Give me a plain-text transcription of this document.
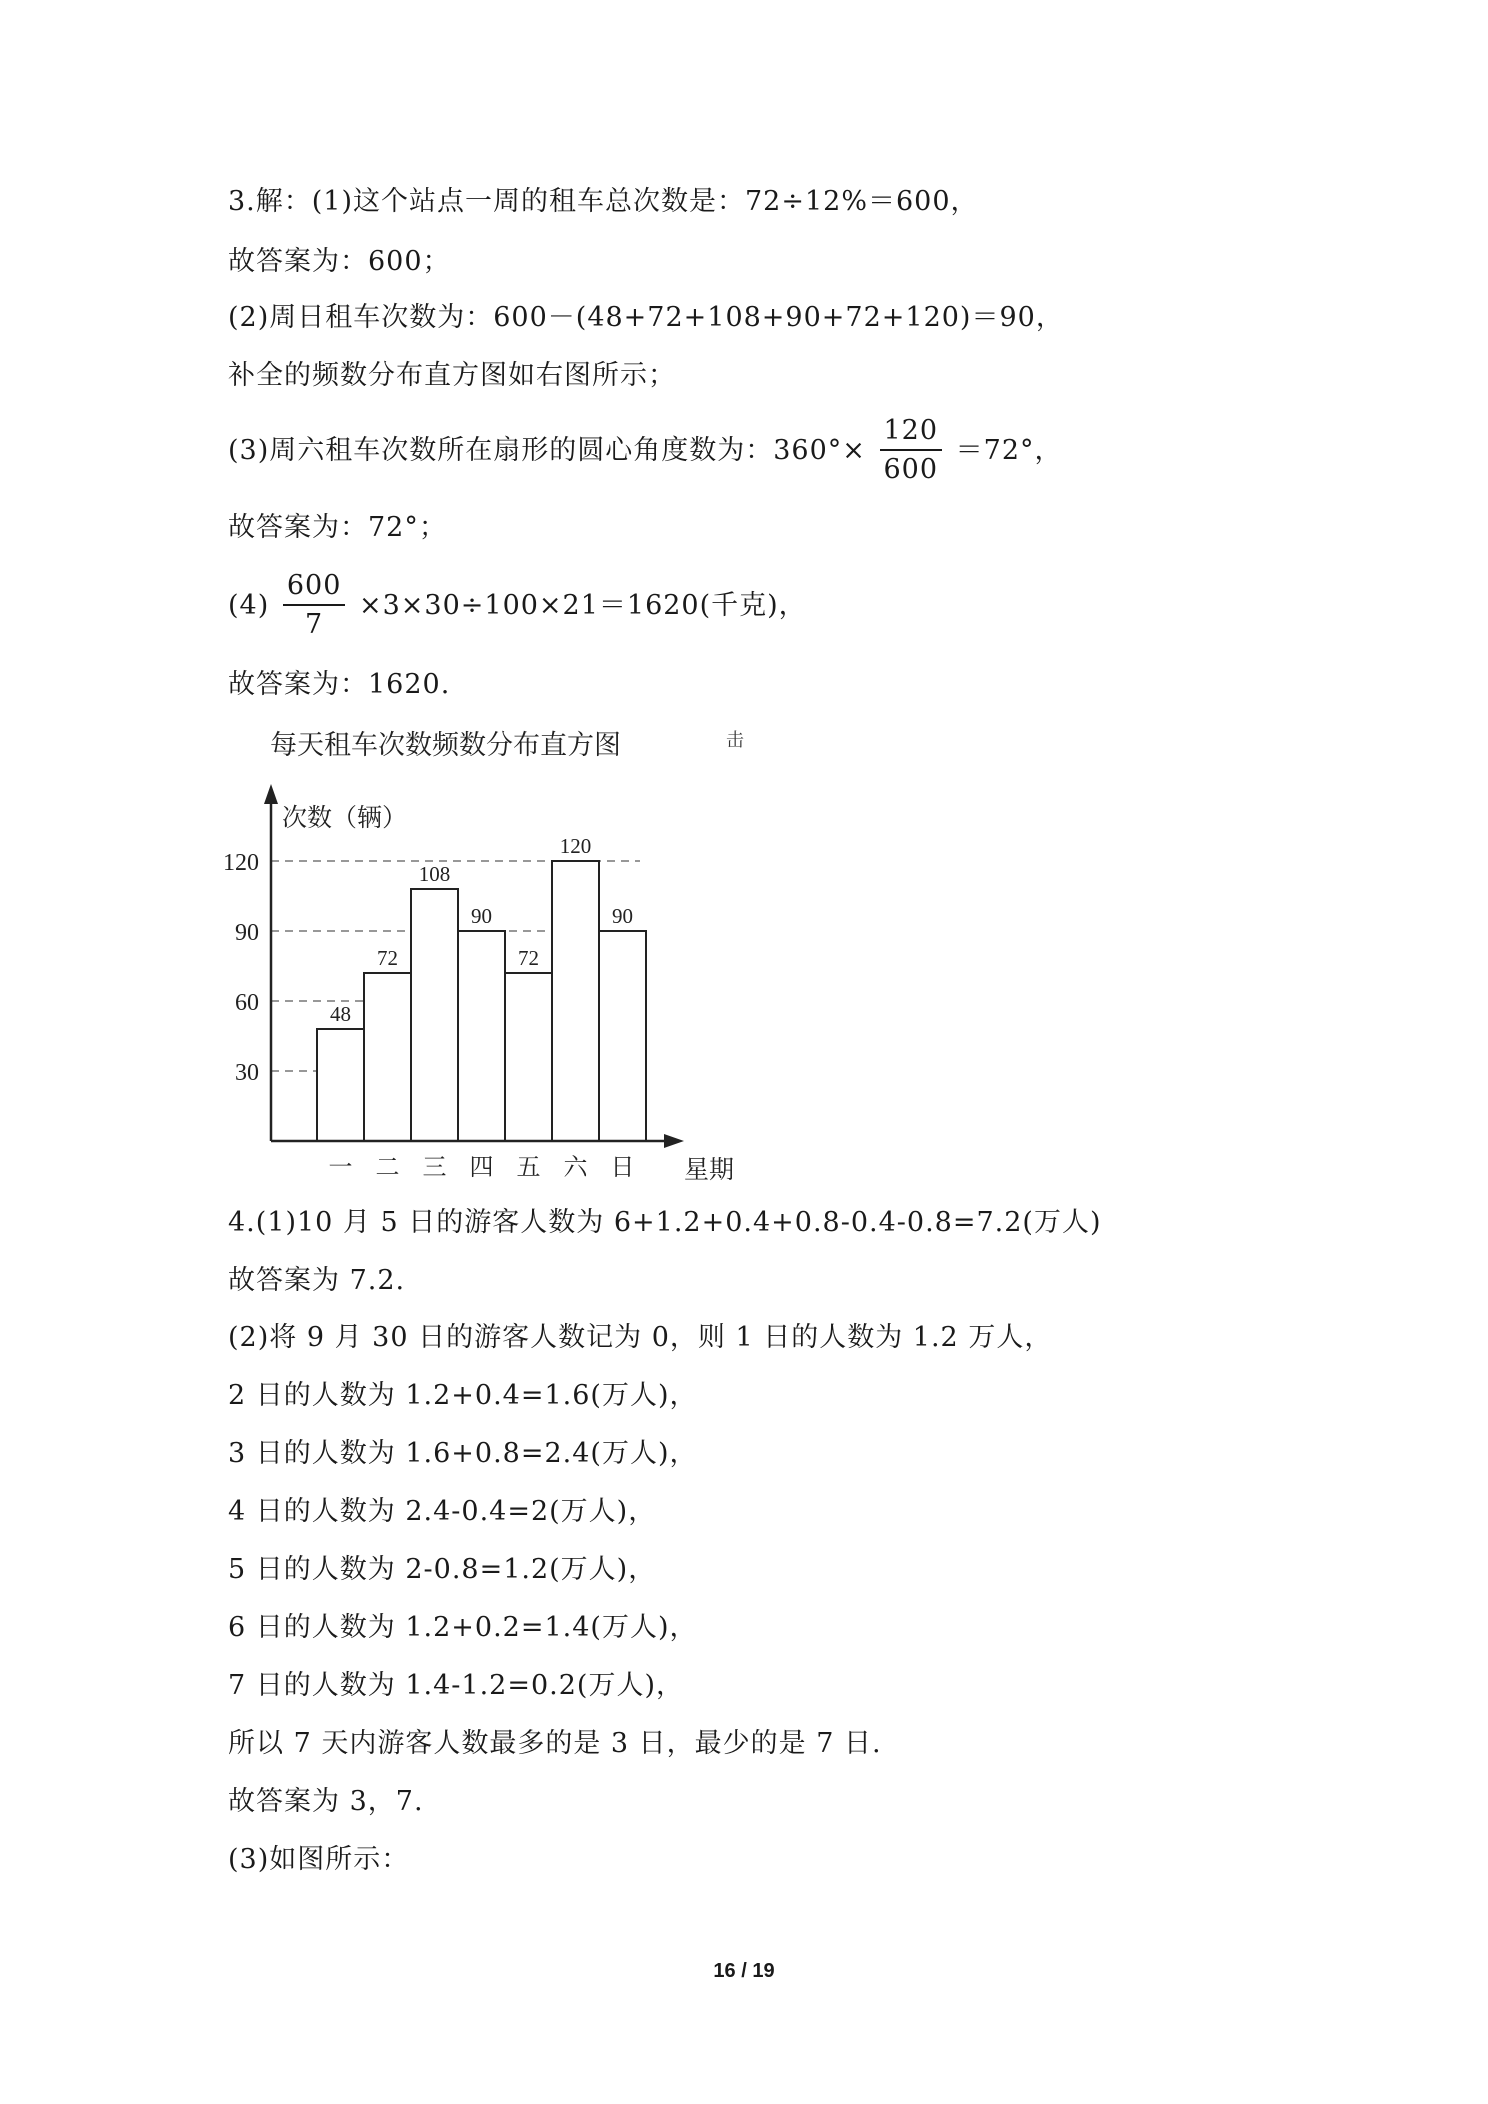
3.解：(1)这个站点一周的租车总次数是：72÷12%＝600，
故答案为：600；
(2)周日租车次数为：600－(48+72+108+90+72+120)＝90，
补全的频数分布直方图如右图所示；
(3)周六租车次数所在扇形的圆心角度数为：$360^\circ\times \frac{120}{600} =72^\circ$，
故答案为：72°；
$(4) \frac{600}{7} \times 3\times 30\div 100\times 21=1620$(千克)，
故答案为：1620.
每天租车次数频数分布直方图	击
48
72
108
90
72
120
90
30
60
90
120
一 二 三 四 五 六 日
次数（辆）
星期
4.(1)10 月 5 日的游客人数为 6+1.2+0.4+0.8-0.4-0.8=7.2(万人)
故答案为 7.2.
(2)将 9 月 30 日的游客人数记为 0，则 1 日的人数为 1.2 万人，
2 日的人数为 1.2+0.4=1.6(万人)，
3 日的人数为 1.6+0.8=2.4(万人)，
4 日的人数为 2.4-0.4=2(万人)，
5 日的人数为 2-0.8=1.2(万人)，
6 日的人数为 1.2+0.2=1.4(万人)，
7 日的人数为 1.4-1.2=0.2(万人)，
所以 7 天内游客人数最多的是 3 日，最少的是 7 日.
故答案为 3，7.
(3)如图所示：
16 / 19
